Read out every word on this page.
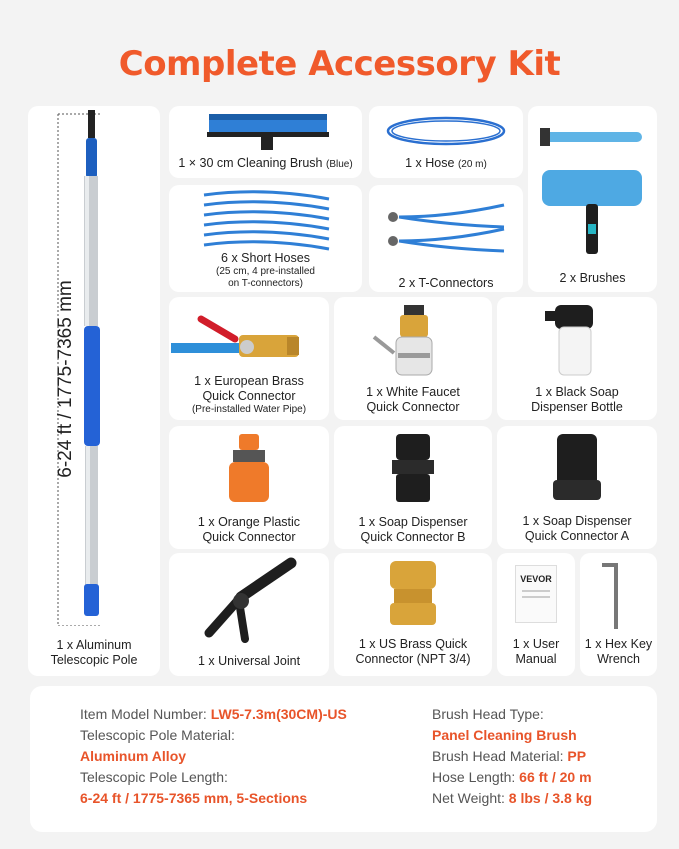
Complete Accessory Kit
6-24 ft / 1775-7365 mm
1 x Aluminum
Telescopic Pole
1 × 30 cm Cleaning Brush (Blue)	1 x Hose (20 m)
2 x Brushes
6 x Short Hoses
(25 cm, 4 pre-installed
on T-connectors)	2 x T-Connectors
1 x European Brass
Quick Connector
(Pre-installed Water Pipe)
1 x White Faucet
Quick Connector
1 x Black Soap
Dispenser Bottle
1 x Orange Plastic
Quick Connector
1 x Soap Dispenser
Quick Connector B
1 x Soap Dispenser
Quick Connector A
1 x Universal Joint
1 x US Brass Quick
Connector (NPT 3/4)
VEVOR
1 x User
Manual
1 x Hex Key
Wrench
Item Model Number: LW5-7.3m(30CM)-US
Telescopic Pole Material:
Aluminum Alloy
Telescopic Pole Length:
6-24 ft / 1775-7365 mm, 5-Sections
Brush Head Type:
Panel Cleaning Brush
Brush Head Material: PP
Hose Length: 66 ft / 20 m
Net Weight: 8 lbs / 3.8 kg
